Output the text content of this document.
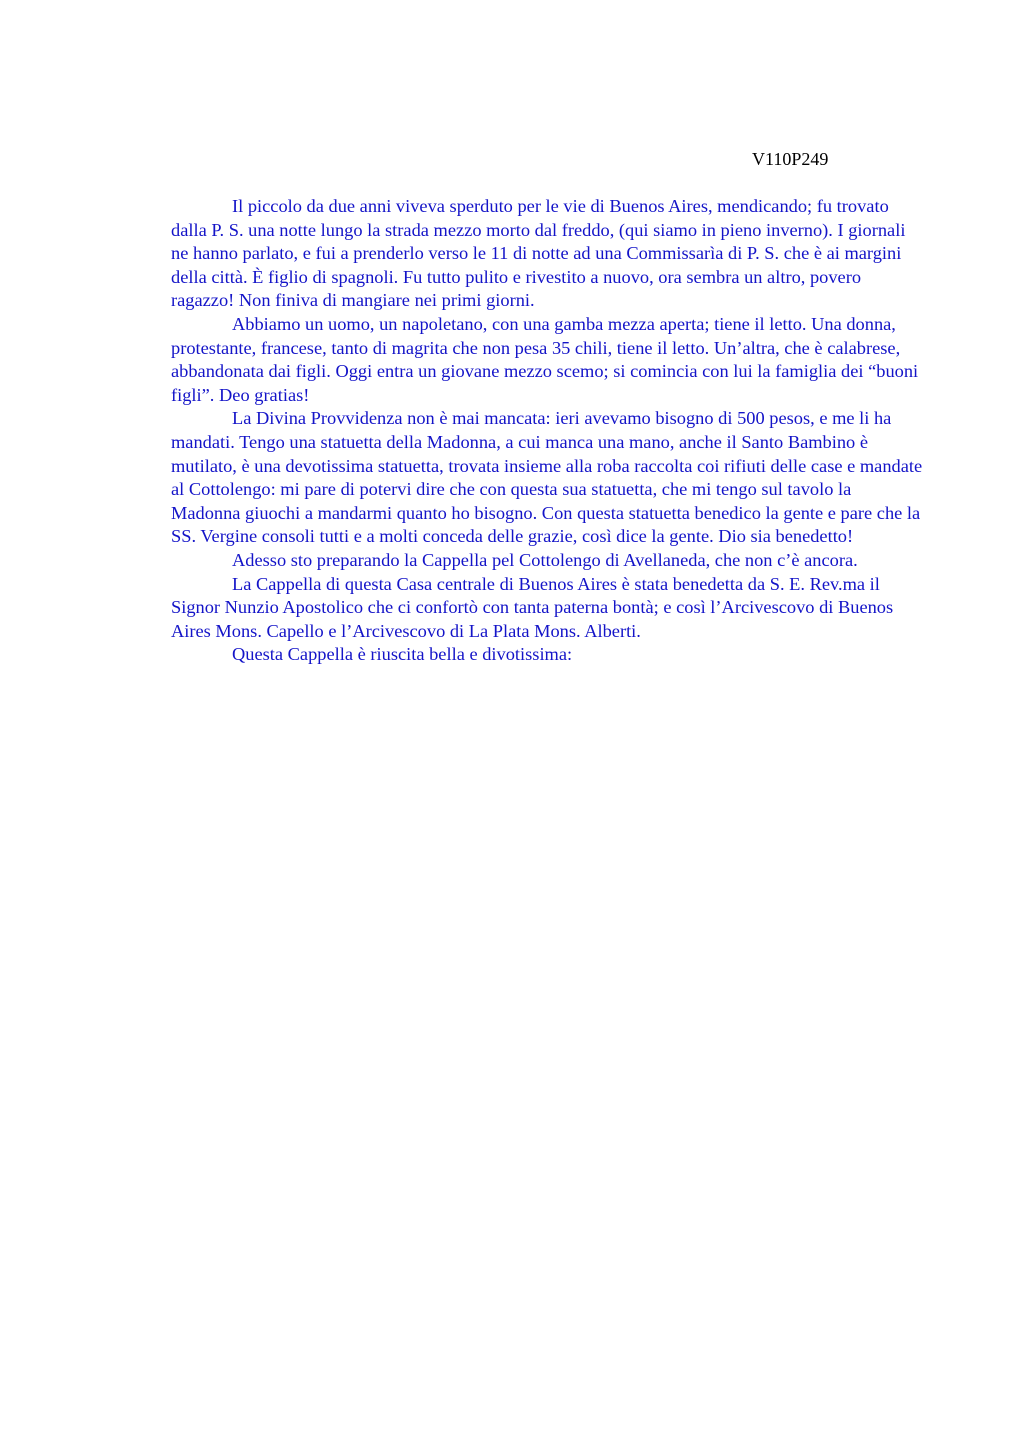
V110P249

Il piccolo da due anni viveva sperduto per le vie di Buenos Aires, mendicando; fu trovato dalla P. S. una notte lungo la strada mezzo morto dal freddo, (qui siamo in pieno inverno). I giornali ne hanno parlato, e fui a prenderlo verso le 11 di notte ad una Commissarìa di P. S. che è ai margini della città. È figlio di spagnoli. Fu tutto pulito e rivestito a nuovo, ora sembra un altro, povero ragazzo! Non finiva di mangiare nei primi giorni.

Abbiamo un uomo, un napoletano, con una gamba mezza aperta; tiene il letto. Una donna, protestante, francese, tanto di magrita che non pesa 35 chili, tiene il letto. Un’altra, che è calabrese, abbandonata dai figli. Oggi entra un giovane mezzo scemo; si comincia con lui la famiglia dei “buoni figli”. Deo gratias!

La Divina Provvidenza non è mai mancata: ieri avevamo bisogno di 500 pesos, e me li ha mandati. Tengo una statuetta della Madonna, a cui manca una mano, anche il Santo Bambino è mutilato, è una devotissima statuetta, trovata insieme alla roba raccolta coi rifiuti delle case e mandate al Cottolengo: mi pare di potervi dire che con questa sua statuetta, che mi tengo sul tavolo la Madonna giuochi a mandarmi quanto ho bisogno. Con questa statuetta benedico la gente e pare che la SS. Vergine consoli tutti e a molti conceda delle grazie, così dice la gente. Dio sia benedetto!

Adesso sto preparando la Cappella pel Cottolengo di Avellaneda, che non c’è ancora.

La Cappella di questa Casa centrale di Buenos Aires è stata benedetta da S. E. Rev.ma il Signor Nunzio Apostolico che ci confortò con tanta paterna bontà; e così l’Arcivescovo di Buenos Aires Mons. Capello e l’Arcivescovo di La Plata Mons. Alberti.

Questa Cappella è riuscita bella e divotissima:
